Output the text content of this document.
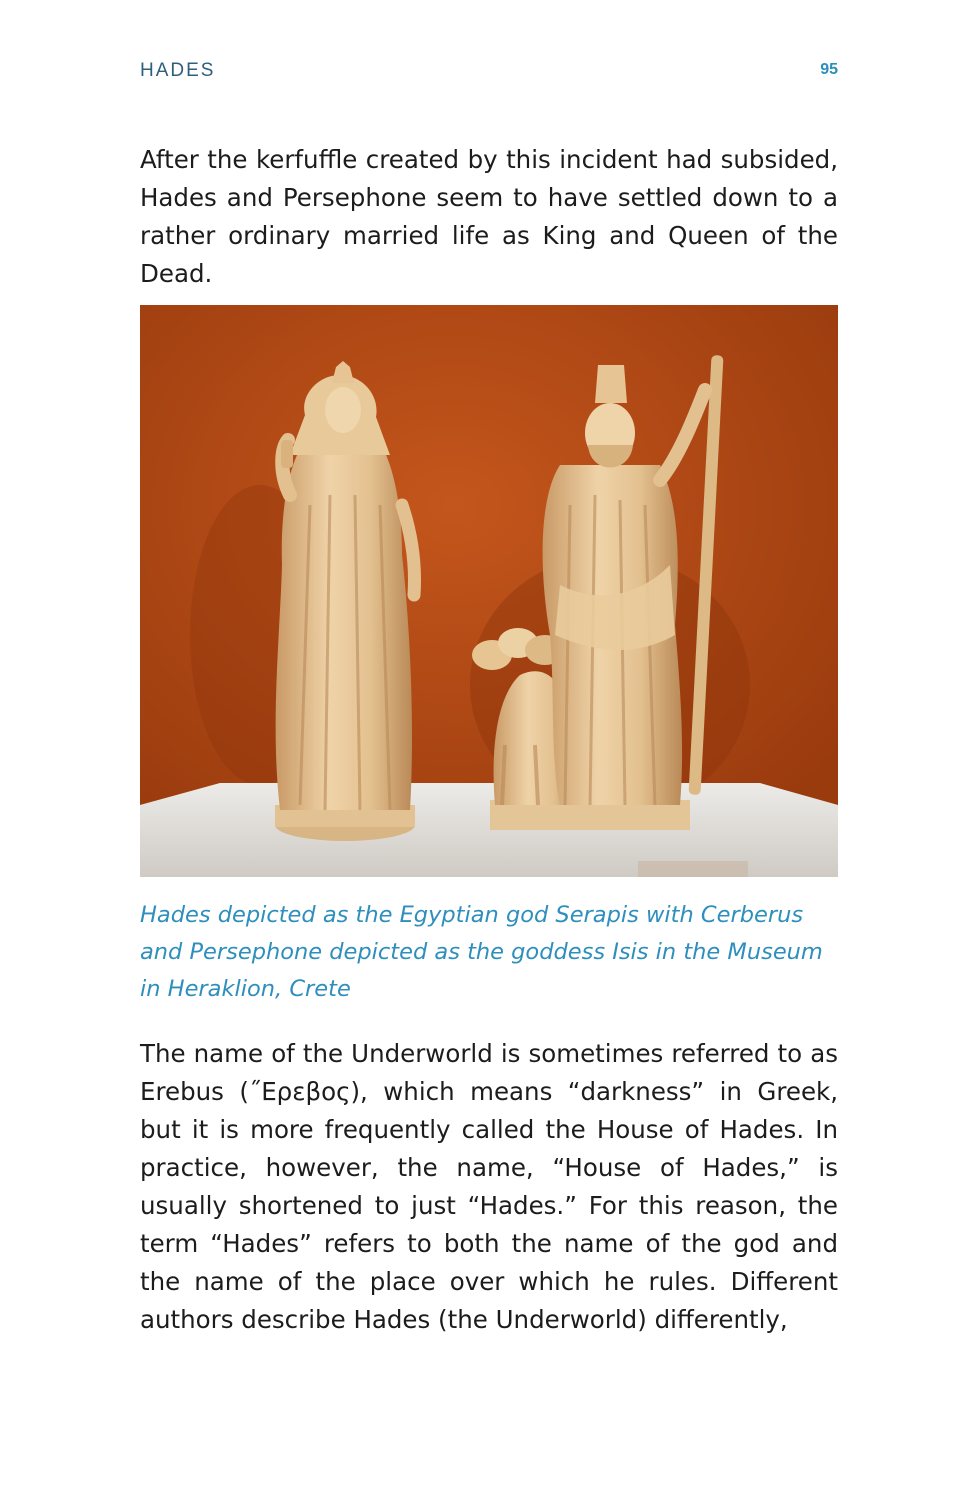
HADES	95

After the kerfuffle created by this incident had subsided, Hades and Persephone seem to have settled down to a rather ordinary married life as King and Queen of the Dead.

Hades depicted as the Egyptian god Serapis with Cerberus and Persephone depicted as the goddess Isis in the Museum in Heraklion, Crete

The name of the Underworld is sometimes referred to as Erebus (˝Ερεβος), which means “darkness” in Greek, but it is more frequently called the House of Hades. In practice, however, the name, “House of Hades,” is usually shortened to just “Hades.” For this reason, the term “Hades” refers to both the name of the god and the name of the place over which he rules. Different authors describe Hades (the Underworld) differently,
